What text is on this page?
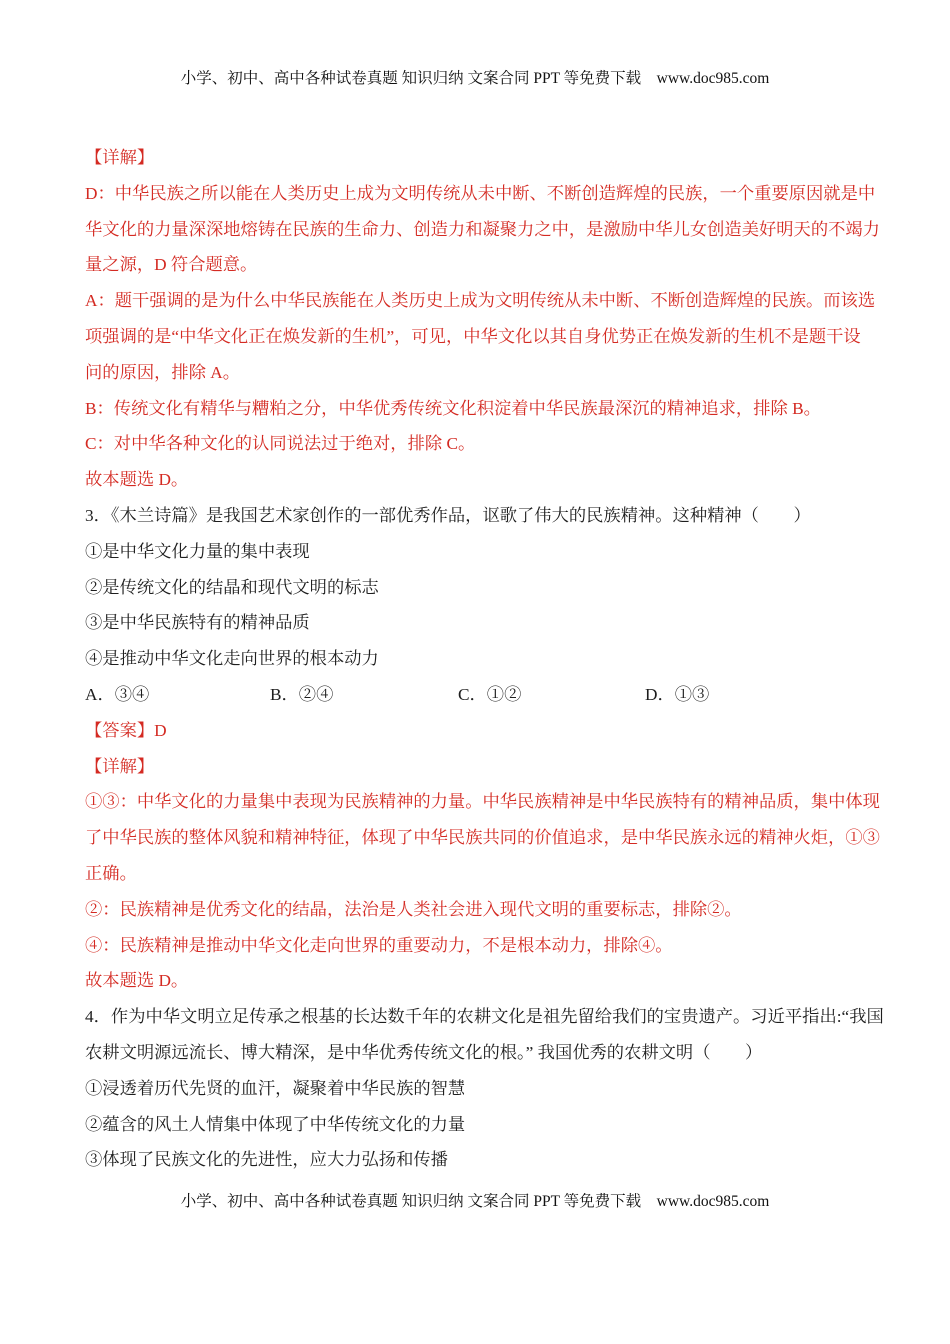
小学、初中、高中各种试卷真题 知识归纳 文案合同 PPT 等免费下载    www.doc985.com
【详解】
D：中华民族之所以能在人类历史上成为文明传统从未中断、不断创造辉煌的民族，一个重要原因就是中
华文化的力量深深地熔铸在民族的生命力、创造力和凝聚力之中，是激励中华儿女创造美好明天的不竭力
量之源，D 符合题意。
A：题干强调的是为什么中华民族能在人类历史上成为文明传统从未中断、不断创造辉煌的民族。而该选
项强调的是“中华文化正在焕发新的生机”，可见，中华文化以其自身优势正在焕发新的生机不是题干设
问的原因，排除 A。
B：传统文化有精华与糟粕之分，中华优秀传统文化积淀着中华民族最深沉的精神追求，排除 B。
C：对中华各种文化的认同说法过于绝对，排除 C。
故本题选 D。
3．《木兰诗篇》是我国艺术家创作的一部优秀作品，讴歌了伟大的民族精神。这种精神（　　）
①是中华文化力量的集中表现
②是传统文化的结晶和现代文明的标志
③是中华民族特有的精神品质
④是推动中华文化走向世界的根本动力

A．③④

	B．②④

	C．①②

	D．①③

【答案】D
【详解】
①③：中华文化的力量集中表现为民族精神的力量。中华民族精神是中华民族特有的精神品质，集中体现
了中华民族的整体风貌和精神特征，体现了中华民族共同的价值追求，是中华民族永远的精神火炬，①③
正确。
②：民族精神是优秀文化的结晶，法治是人类社会进入现代文明的重要标志，排除②。
④：民族精神是推动中华文化走向世界的重要动力，不是根本动力，排除④。
故本题选 D。
4．作为中华文明立足传承之根基的长达数千年的农耕文化是祖先留给我们的宝贵遗产。习近平指出:“我国
农耕文明源远流长、博大精深，是中华优秀传统文化的根。” 我国优秀的农耕文明（　　）
①浸透着历代先贤的血汗，凝聚着中华民族的智慧
②蕴含的风土人情集中体现了中华传统文化的力量
③体现了民族文化的先进性，应大力弘扬和传播
小学、初中、高中各种试卷真题 知识归纳 文案合同 PPT 等免费下载    www.doc985.com
